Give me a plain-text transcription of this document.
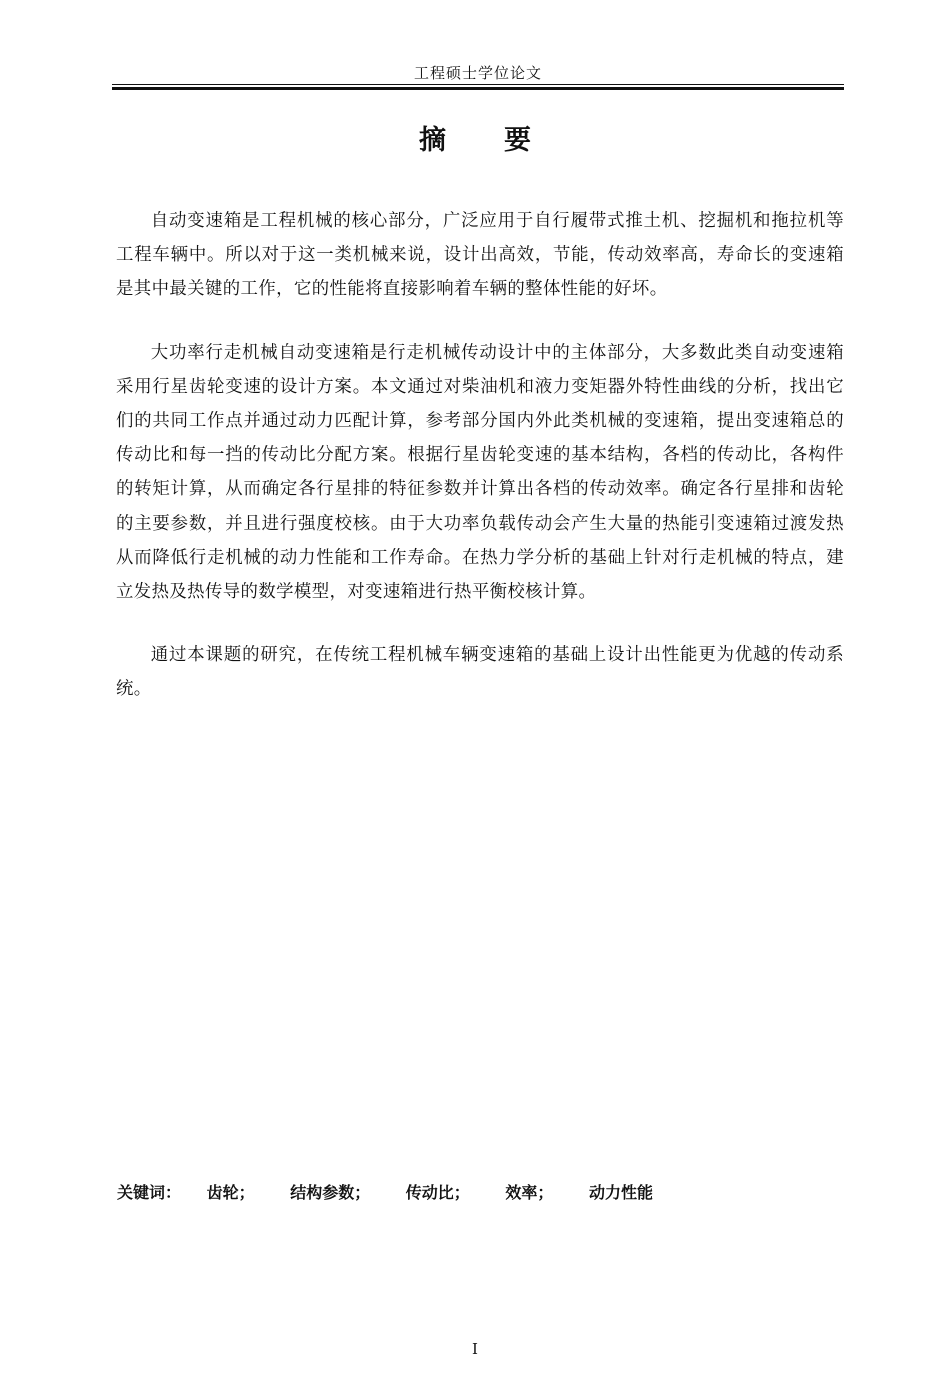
工程硕士学位论文
摘要

自动变速箱是工程机械的核心部分，广泛应用于自行履带式推土机、挖掘机和拖拉机等工程车辆中。所以对于这一类机械来说，设计出高效，节能，传动效率高，寿命长的变速箱是其中最关键的工作，它的性能将直接影响着车辆的整体性能的好坏。

大功率行走机械自动变速箱是行走机械传动设计中的主体部分，大多数此类自动变速箱采用行星齿轮变速的设计方案。本文通过对柴油机和液力变矩器外特性曲线的分析，找出它们的共同工作点并通过动力匹配计算，参考部分国内外此类机械的变速箱，提出变速箱总的传动比和每一挡的传动比分配方案。根据行星齿轮变速的基本结构，各档的传动比，各构件的转矩计算，从而确定各行星排的特征参数并计算出各档的传动效率。确定各行星排和齿轮的主要参数，并且进行强度校核。由于大功率负载传动会产生大量的热能引变速箱过渡发热从而降低行走机械的动力性能和工作寿命。在热力学分析的基础上针对行走机械的特点，建立发热及热传导的数学模型，对变速箱进行热平衡校核计算。

通过本课题的研究，在传统工程机械车辆变速箱的基础上设计出性能更为优越的传动系统。

关键词： 齿轮； 结构参数； 传动比； 效率； 动力性能
I
